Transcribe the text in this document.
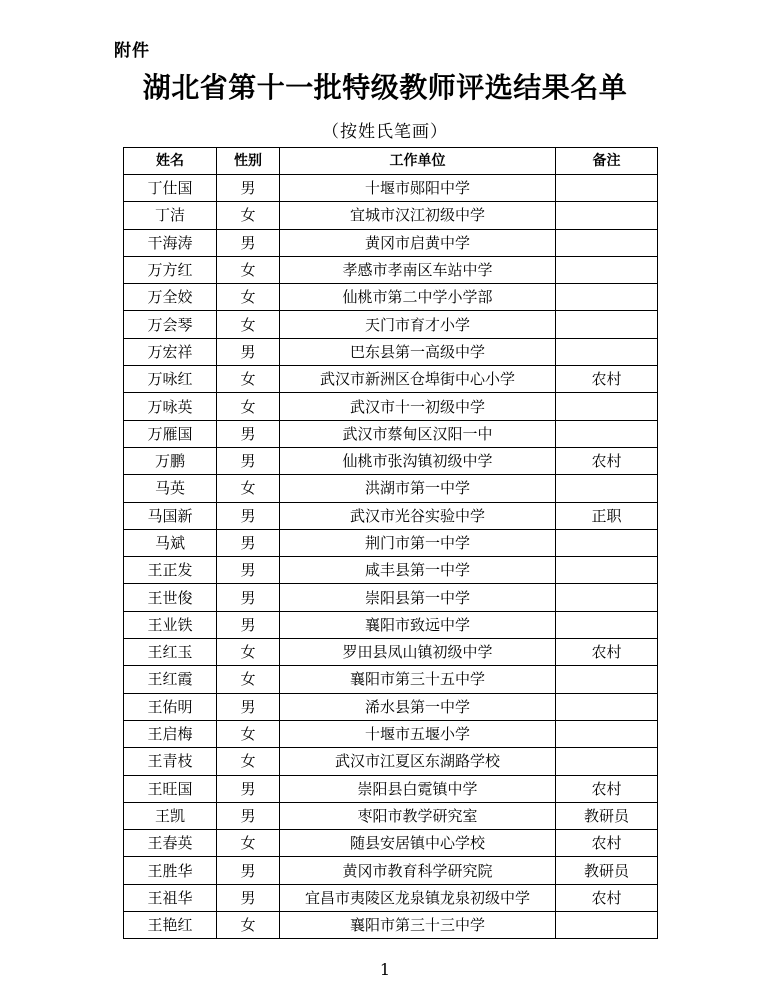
附件
湖北省第十一批特级教师评选结果名单
（按姓氏笔画）
姓名	性别	工作单位	备注
丁仕国	男	十堰市郧阳中学	
丁洁	女	宜城市汉江初级中学	
干海涛	男	黄冈市启黄中学	
万方红	女	孝感市孝南区车站中学	
万全姣	女	仙桃市第二中学小学部	
万会琴	女	天门市育才小学	
万宏祥	男	巴东县第一高级中学	
万咏红	女	武汉市新洲区仓埠街中心小学	农村
万咏英	女	武汉市十一初级中学	
万雁国	男	武汉市蔡甸区汉阳一中	
万鹏	男	仙桃市张沟镇初级中学	农村
马英	女	洪湖市第一中学	
马国新	男	武汉市光谷实验中学	正职
马斌	男	荆门市第一中学	
王正发	男	咸丰县第一中学	
王世俊	男	崇阳县第一中学	
王业铁	男	襄阳市致远中学	
王红玉	女	罗田县凤山镇初级中学	农村
王红霞	女	襄阳市第三十五中学	
王佑明	男	浠水县第一中学	
王启梅	女	十堰市五堰小学	
王青枝	女	武汉市江夏区东湖路学校	
王旺国	男	崇阳县白霓镇中学	农村
王凯	男	枣阳市教学研究室	教研员
王春英	女	随县安居镇中心学校	农村
王胜华	男	黄冈市教育科学研究院	教研员
王祖华	男	宜昌市夷陵区龙泉镇龙泉初级中学	农村
王艳红	女	襄阳市第三十三中学	
1
